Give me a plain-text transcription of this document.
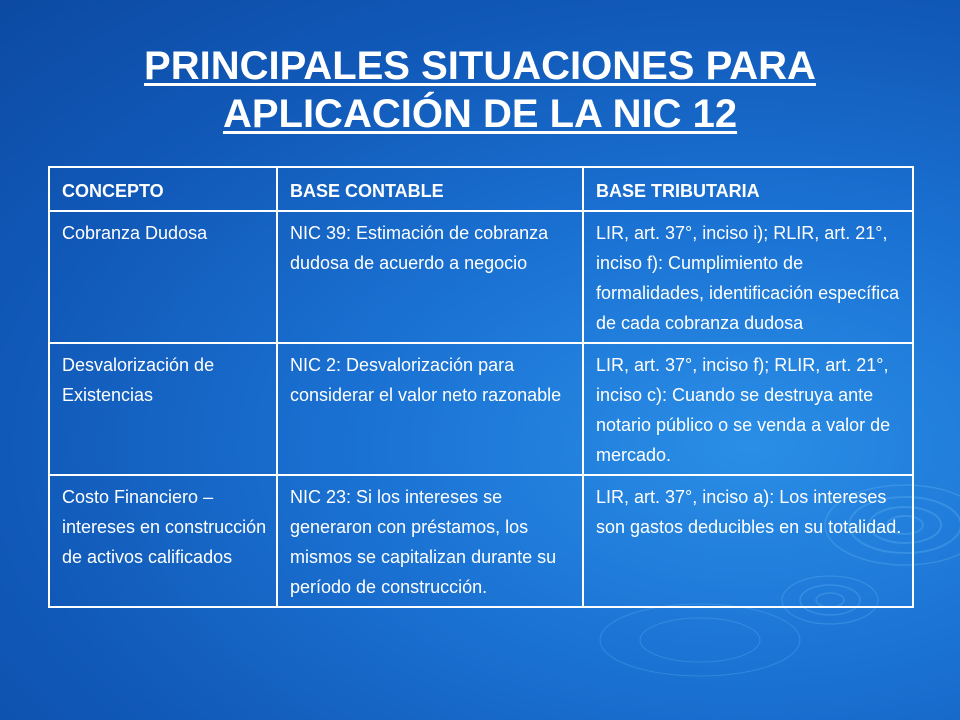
PRINCIPALES SITUACIONES PARA
APLICACIÓN DE LA NIC 12
CONCEPTO	BASE CONTABLE	BASE TRIBUTARIA
Cobranza Dudosa	NIC 39: Estimación de cobranza dudosa de acuerdo a negocio	LIR, art. 37°, inciso i); RLIR, art. 21°, inciso f): Cumplimiento de formalidades, identificación específica de cada cobranza dudosa
Desvalorización de Existencias	NIC 2: Desvalorización para considerar el valor neto razonable	LIR, art. 37°, inciso f); RLIR, art. 21°, inciso c): Cuando se destruya ante notario público o se venda a valor de mercado.
Costo Financiero – intereses en construcción de activos calificados	NIC 23: Si los intereses se generaron con préstamos, los mismos se capitalizan durante su período de construcción.	LIR, art. 37°, inciso a): Los intereses son gastos deducibles en su totalidad.
